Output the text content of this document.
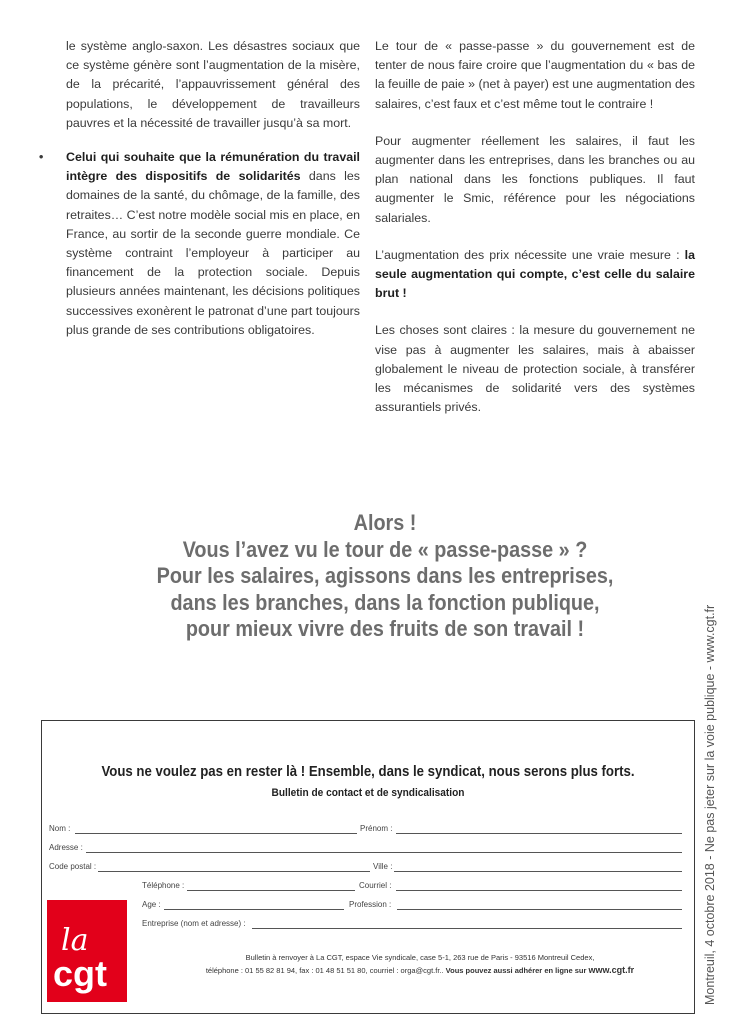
le système anglo-saxon. Les désastres sociaux que ce système génère sont l’augmentation de la misère, de la précarité, l’appauvrissement général des populations, le développement de travailleurs pauvres et la nécessité de travailler jusqu’à sa mort.

• Celui qui souhaite que la rémunération du travail intègre des dispositifs de solidarités dans les domaines de la santé, du chômage, de la famille, des retraites… C’est notre modèle social mis en place, en France, au sortir de la seconde guerre mondiale. Ce système contraint l’employeur à participer au financement de la protection sociale. Depuis plusieurs années maintenant, les décisions politiques successives exonèrent le patronat d’une part toujours plus grande de ses contributions obligatoires.

Le tour de « passe-passe » du gouvernement est de tenter de nous faire croire que l’augmentation du « bas de la feuille de paie » (net à payer) est une augmentation des salaires, c’est faux et c’est même tout le contraire !

Pour augmenter réellement les salaires, il faut les augmenter dans les entreprises, dans les branches ou au plan national dans les fonctions publiques. Il faut augmenter le Smic, référence pour les négociations salariales.

L’augmentation des prix nécessite une vraie mesure : la seule augmentation qui compte, c’est celle du salaire brut !

Les choses sont claires : la mesure du gouvernement ne vise pas à augmenter les salaires, mais à abaisser globalement le niveau de protection sociale, à transférer les mécanismes de solidarité vers des systèmes assurantiels privés.

Alors !
Vous l’avez vu le tour de « passe-passe » ?
Pour les salaires, agissons dans les entreprises,
dans les branches, dans la fonction publique,
pour mieux vivre des fruits de son travail !	Montreuil, 4 octobre 2018 - Ne pas jeter sur la voie publique - www.cgt.fr
Vous ne voulez pas en rester là ! Ensemble, dans le syndicat, nous serons plus forts.
Bulletin de contact et de syndicalisation
Nom :	Prénom :
Adresse :
Code postal :	Ville :
Téléphone :	Courriel :
Age :	Profession :
Entreprise (nom et adresse) :
la
cgt	Bulletin à renvoyer à La CGT, espace Vie syndicale, case 5-1, 263 rue de Paris - 93516 Montreuil Cedex,
téléphone : 01 55 82 81 94, fax : 01 48 51 51 80, courriel : orga@cgt.fr.. Vous pouvez aussi adhérer en ligne sur www.cgt.fr
